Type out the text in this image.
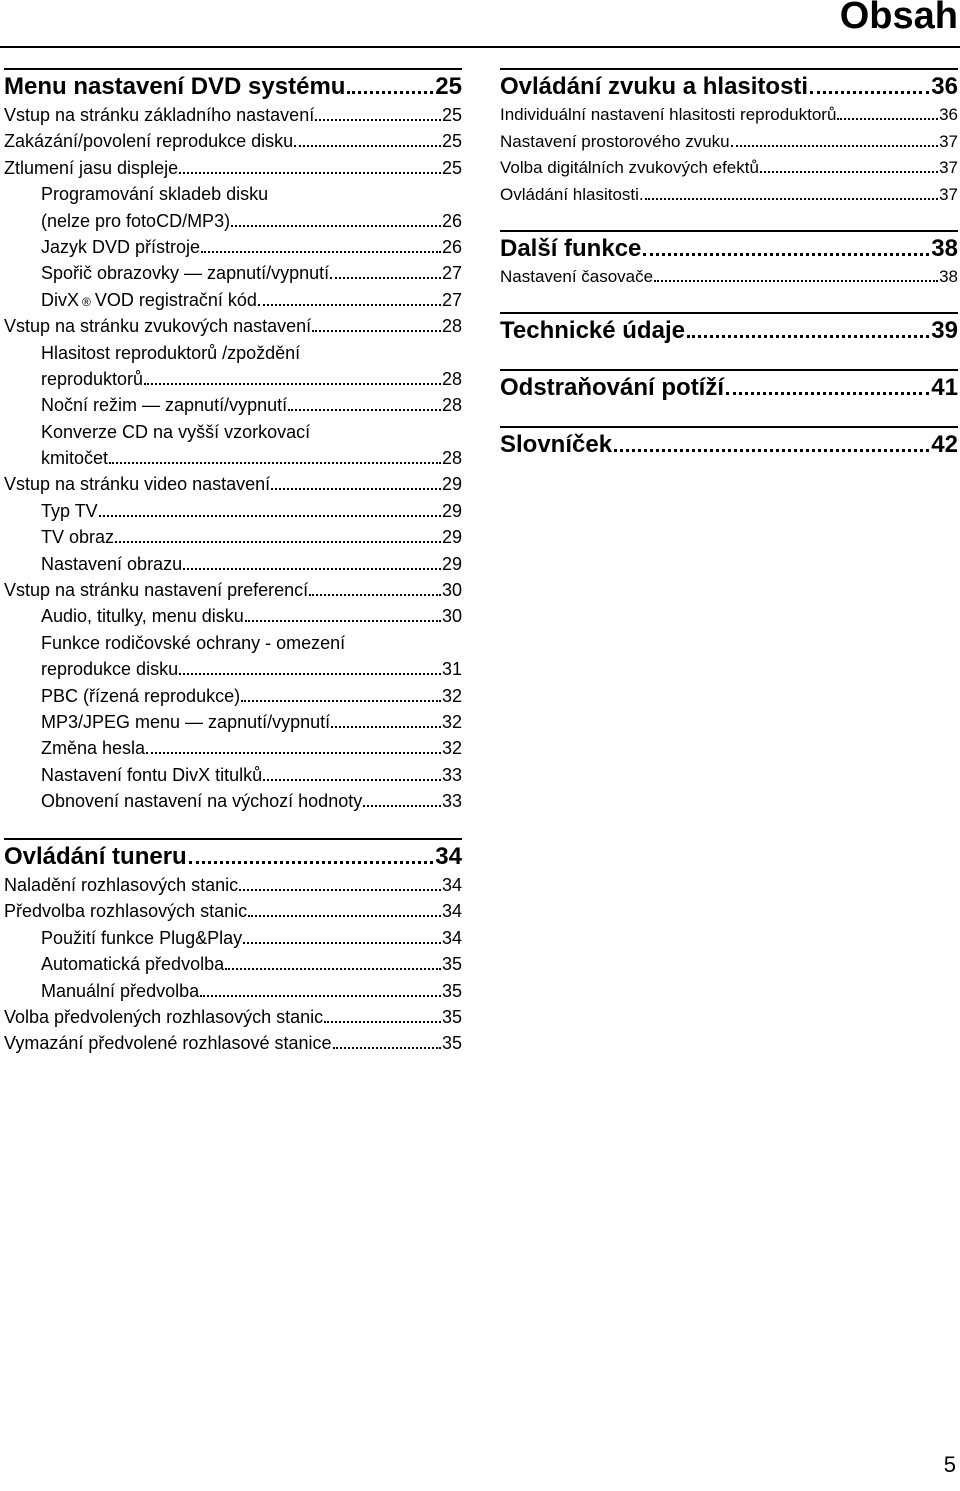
Obsah
Menu nastavení DVD systému	25
Vstup na stránku základního nastavení	25
Zakázání/povolení reprodukce disku	25
Ztlumení jasu displeje	25
Programování skladeb disku
(nelze pro fotoCD/MP3)	26
Jazyk DVD přístroje	26
Spořič obrazovky — zapnutí/vypnutí	27
DivX ® VOD registrační kód	27
Vstup na stránku zvukových nastavení	28
Hlasitost reproduktorů /zpoždění
reproduktorů	28
Noční režim — zapnutí/vypnutí	28
Konverze CD na vyšší vzorkovací
kmitočet	28
Vstup na stránku video nastavení	29
Typ TV	29
TV obraz	29
Nastavení obrazu	29
Vstup na stránku nastavení preferencí	30
Audio, titulky, menu disku	30
Funkce rodičovské ochrany - omezení
reprodukce disku	31
PBC (řízená reprodukce)	32
MP3/JPEG menu — zapnutí/vypnutí	32
Změna hesla	32
Nastavení fontu DivX titulků	33
Obnovení nastavení na výchozí hodnoty	33
Ovládání tuneru	34
Naladění rozhlasových stanic	34
Předvolba rozhlasových stanic	34
Použití funkce Plug&Play	34
Automatická předvolba	35
Manuální předvolba	35
Volba předvolených rozhlasových stanic	35
Vymazání předvolené rozhlasové stanice	35
Ovládání zvuku a hlasitosti	36
Individuální nastavení hlasitosti reproduktorů	36
Nastavení prostorového zvuku	37
Volba digitálních zvukových efektů	37
Ovládání hlasitosti.	37
Další funkce	38
Nastavení časovače	38
Technické údaje	39
Odstraňování potíží	41
Slovníček	42
5
